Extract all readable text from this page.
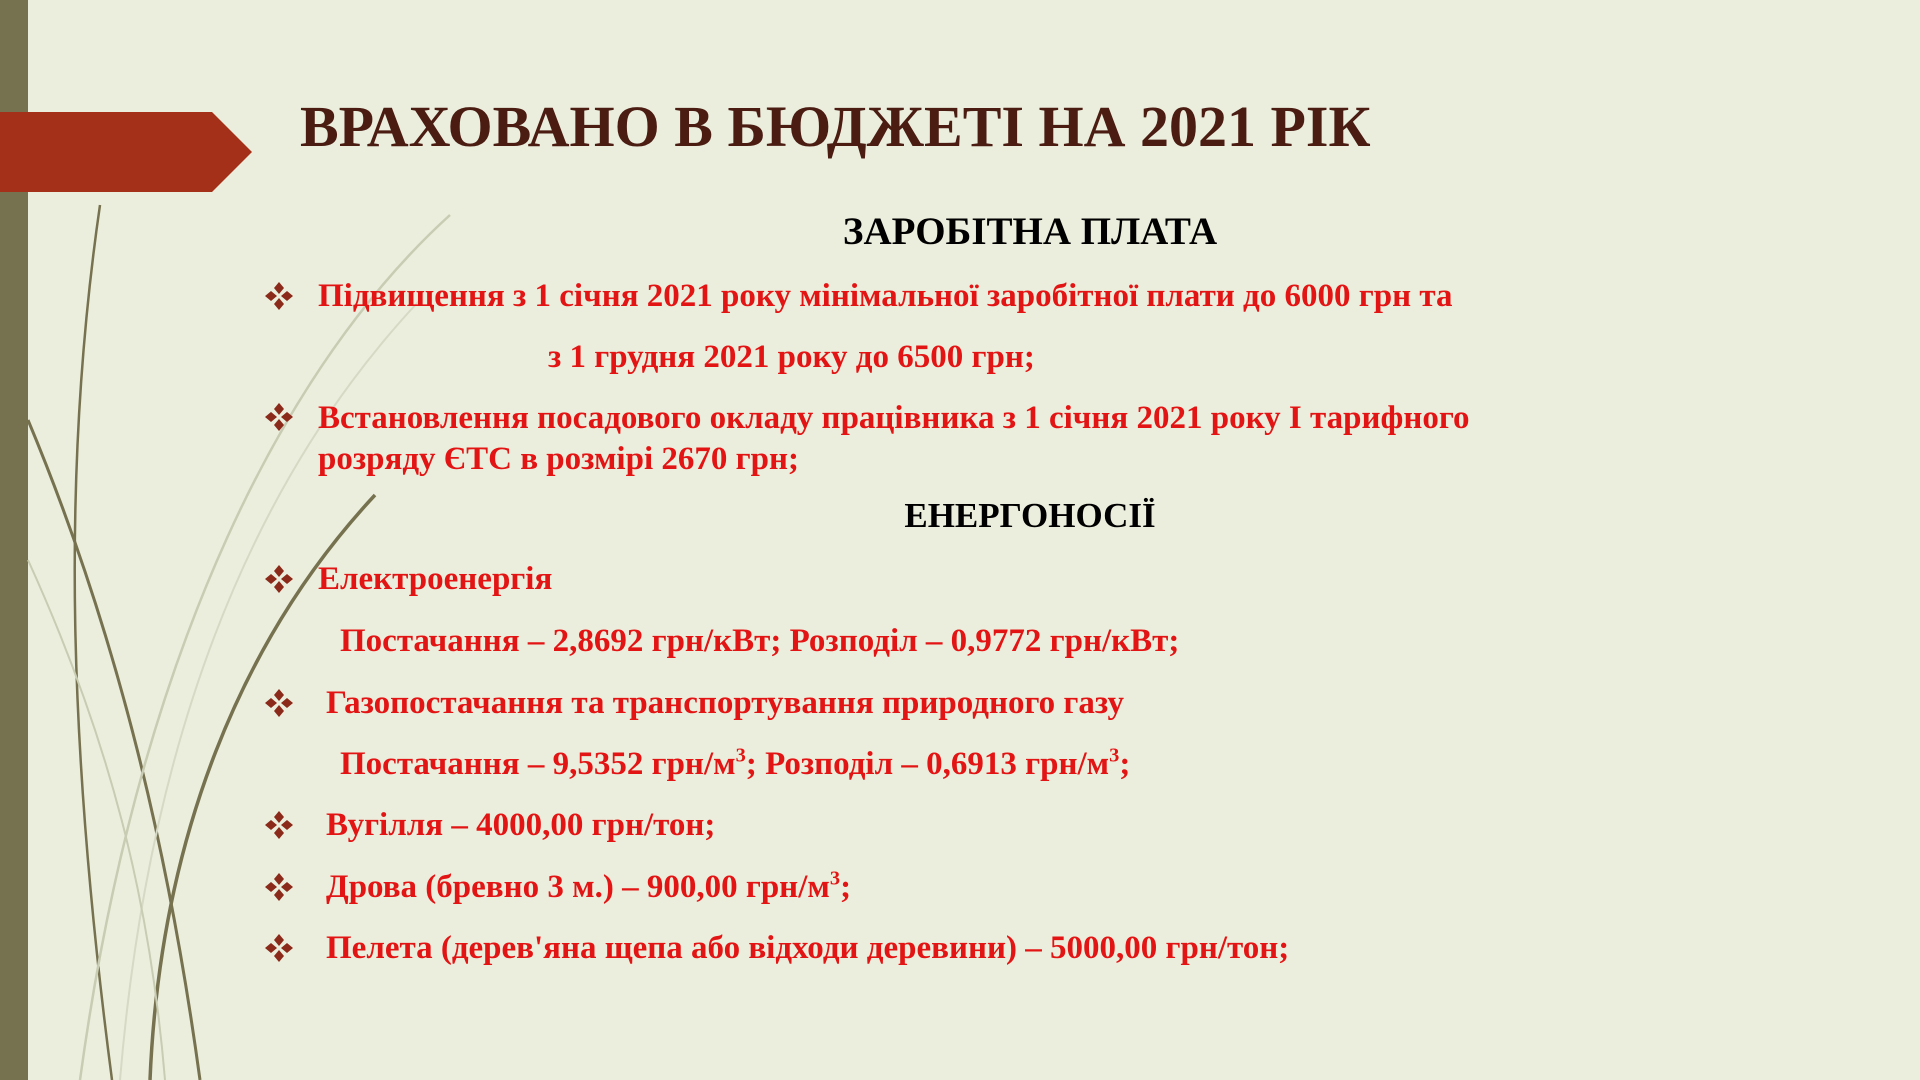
ВРАХОВАНО В БЮДЖЕТІ НА 2021 РІК
ЗАРОБІТНА ПЛАТА
Підвищення з 1 січня 2021 року мінімальної заробітної плати до 6000 грн та
з 1 грудня 2021 року до 6500 грн;
Встановлення посадового окладу працівника з 1 січня 2021 року І тарифного
розряду ЄТС в розмірі 2670 грн;
ЕНЕРГОНОСІЇ
Електроенергія
Постачання – 2,8692 грн/кВт; Розподіл – 0,9772 грн/кВт;
Газопостачання та транспортування природного газу
Постачання – 9,5352 грн/$м^3$; Розподіл – 0,6913 грн/$м^3$;
Вугілля – 4000,00 грн/тон;
Дрова (бревно 3 м.) – 900,00 грн/$м^3$;
Пелета (дерев'яна щепа або відходи деревини) – 5000,00 грн/тон;
